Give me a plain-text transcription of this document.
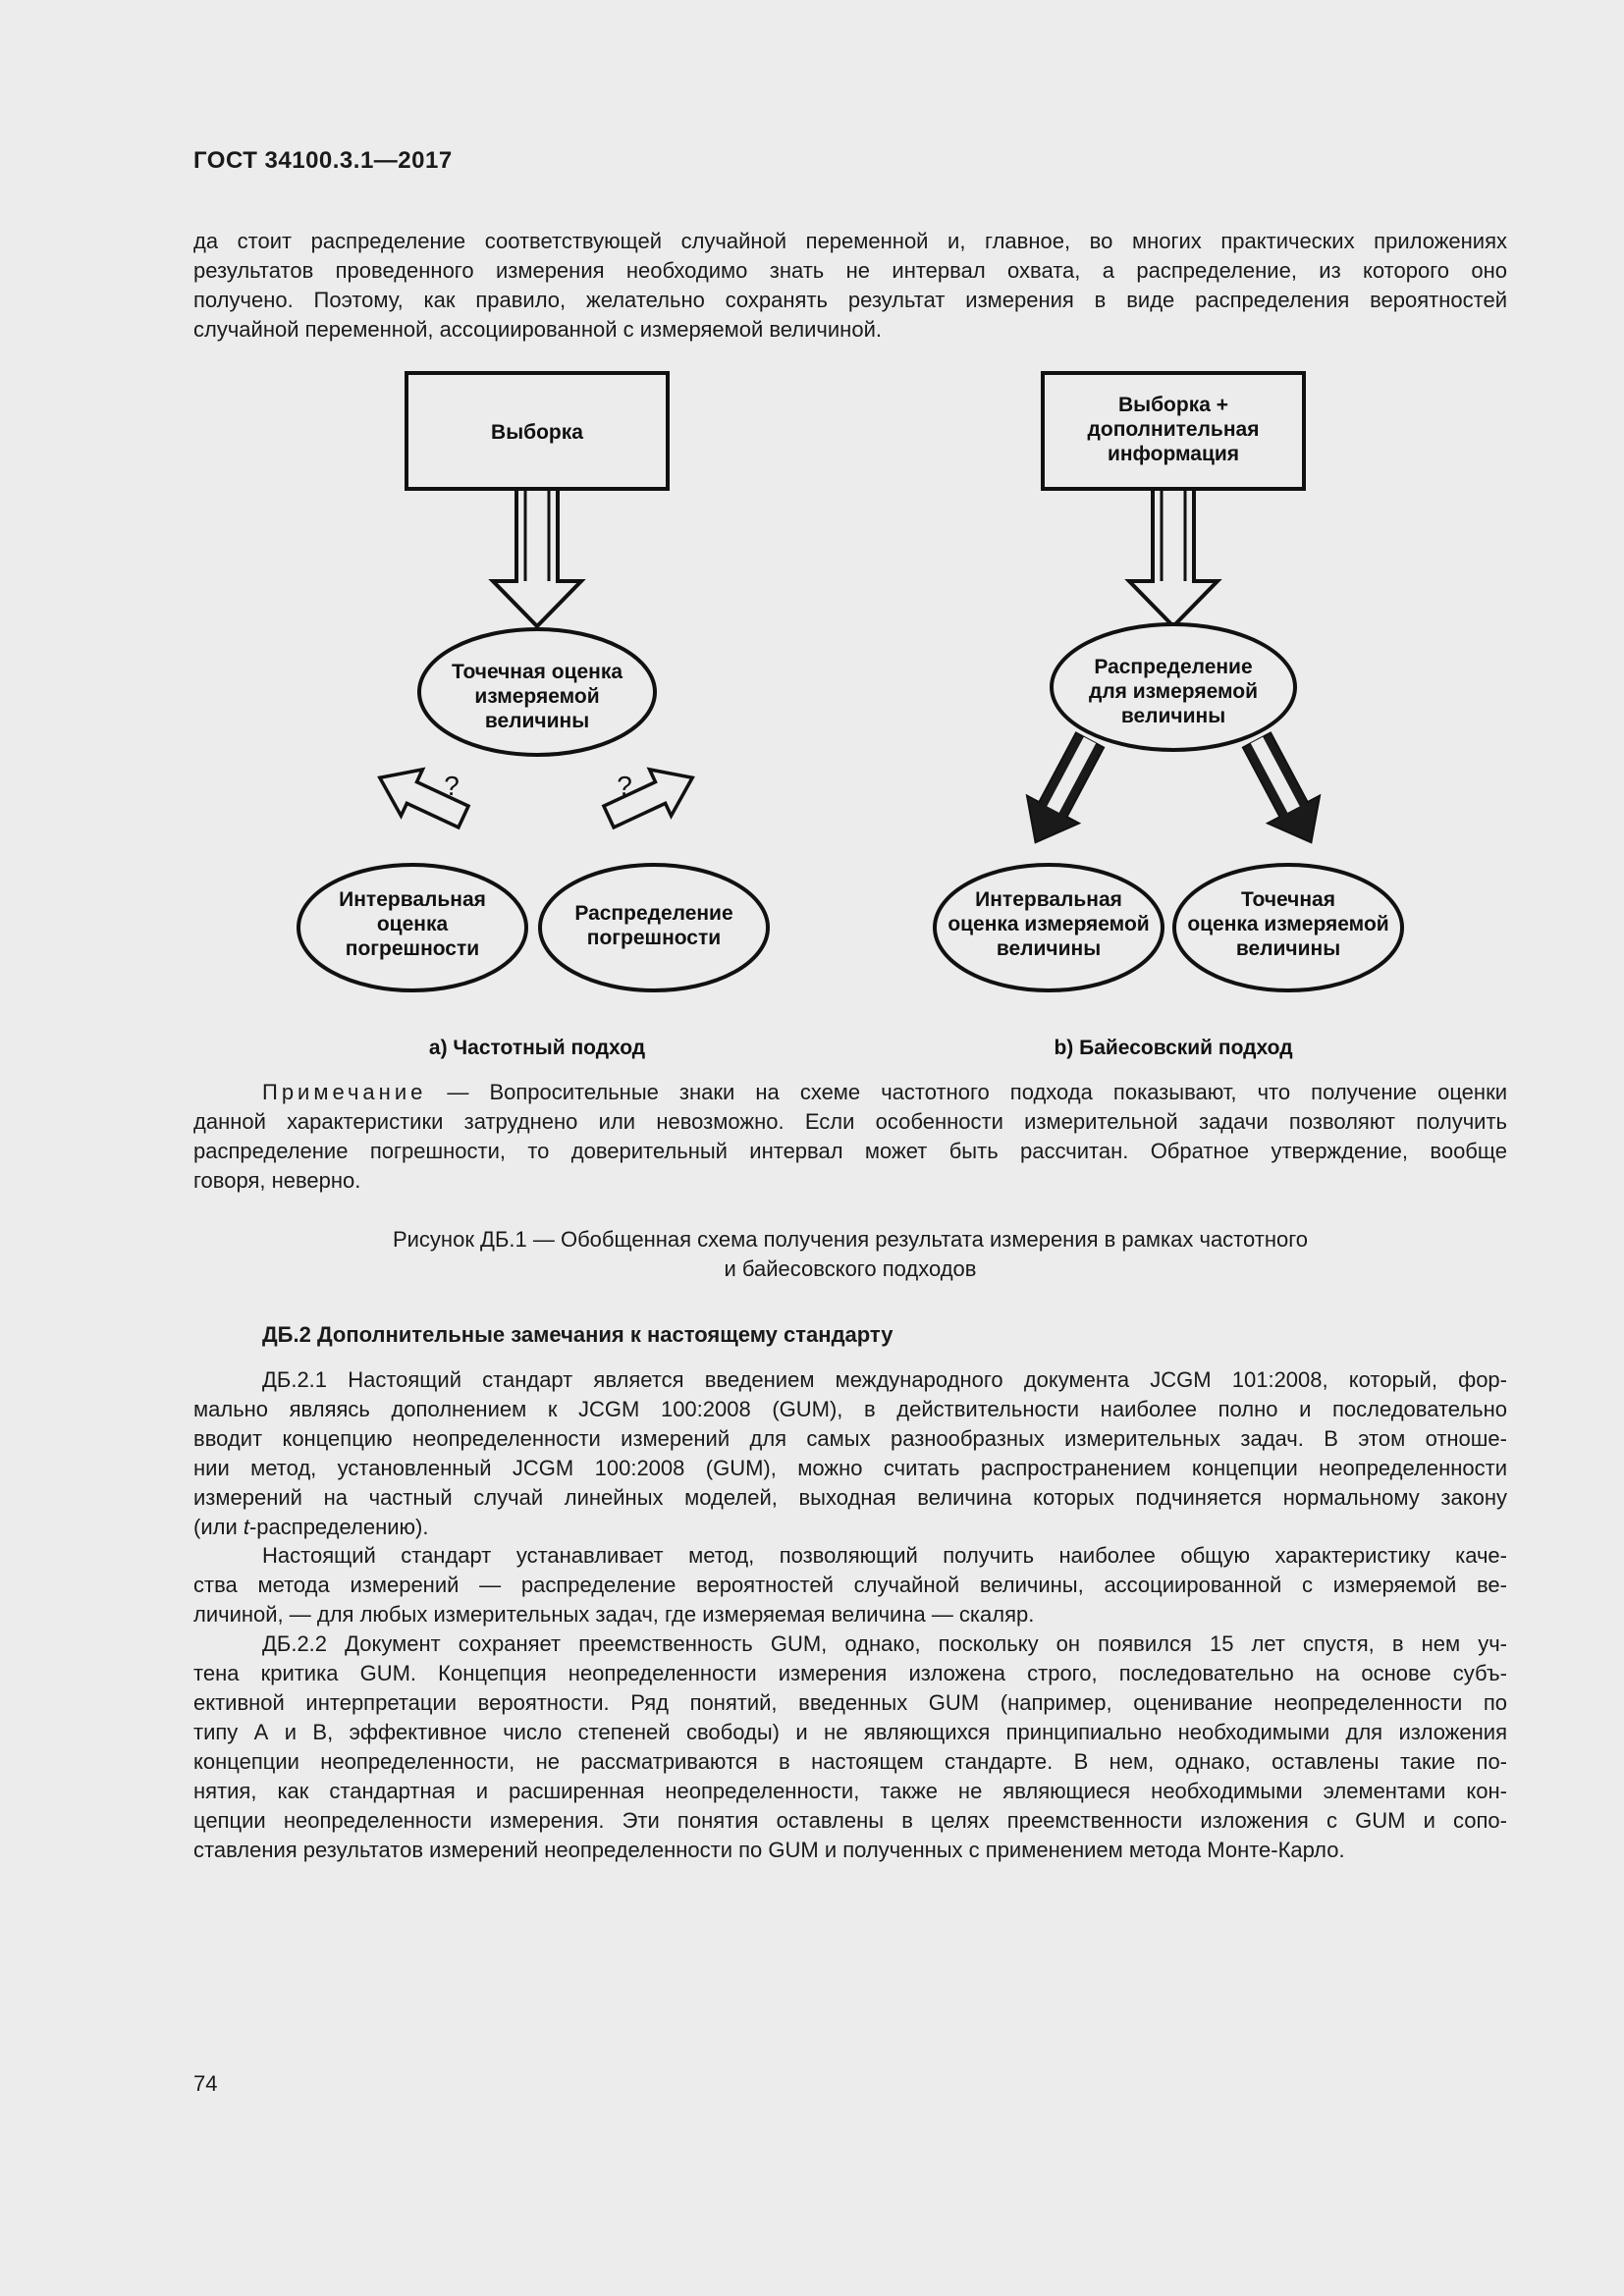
ГОСТ 34100.3.1—2017
да стоит распределение соответствующей случайной переменной и, главное, во многих практических приложениях
результатов проведенного измерения необходимо знать не интервал охвата, а распределение, из которого оно
получено. Поэтому, как правило, желательно сохранять результат измерения в виде распределения вероятностей
случайной переменной, ассоциированной с измеряемой величиной.
Выборка
Точечная оценка
измеряемой
величины
?	?
Интервальная
оценка
погрешности
Распределение
погрешности
a) Частотный подход
Выборка +
дополнительная
информация
Распределение
для измеряемой
величины
Интервальная
оценка измеряемой
величины
Точечная
оценка измеряемой
величины
b) Байесовский подход
Примечание — Вопросительные знаки на схеме частотного подхода показывают, что получение оценки
данной характеристики затруднено или невозможно. Если особенности измерительной задачи позволяют получить
распределение погрешности, то доверительный интервал может быть рассчитан. Обратное утверждение, вообще
говоря, неверно.
Рисунок ДБ.1 — Обобщенная схема получения результата измерения в рамках частотного
и байесовского подходов
ДБ.2 Дополнительные замечания к настоящему стандарту
ДБ.2.1 Настоящий стандарт является введением международного документа JCGM 101:2008, который, фор-
мально являясь дополнением к JCGM 100:2008 (GUM), в действительности наиболее полно и последовательно
вводит концепцию неопределенности измерений для самых разнообразных измерительных задач. В этом отноше-
нии метод, установленный JCGM 100:2008 (GUM), можно считать распространением концепции неопределенности
измерений на частный случай линейных моделей, выходная величина которых подчиняется нормальному закону
(или t-распределению).
Настоящий стандарт устанавливает метод, позволяющий получить наиболее общую характеристику каче-
ства метода измерений — распределение вероятностей случайной величины, ассоциированной с измеряемой ве-
личиной, — для любых измерительных задач, где измеряемая величина — скаляр.
ДБ.2.2 Документ сохраняет преемственность GUM, однако, поскольку он появился 15 лет спустя, в нем уч-
тена критика GUM. Концепция неопределенности измерения изложена строго, последовательно на основе субъ-
ективной интерпретации вероятности. Ряд понятий, введенных GUM (например, оценивание неопределенности по
типу А и В, эффективное число степеней свободы) и не являющихся принципиально необходимыми для изложения
концепции неопределенности, не рассматриваются в настоящем стандарте. В нем, однако, оставлены такие по-
нятия, как стандартная и расширенная неопределенности, также не являющиеся необходимыми элементами кон-
цепции неопределенности измерения. Эти понятия оставлены в целях преемственности изложения с GUM и сопо-
ставления результатов измерений неопределенности по GUM и полученных с применением метода Монте-Карло.
74
